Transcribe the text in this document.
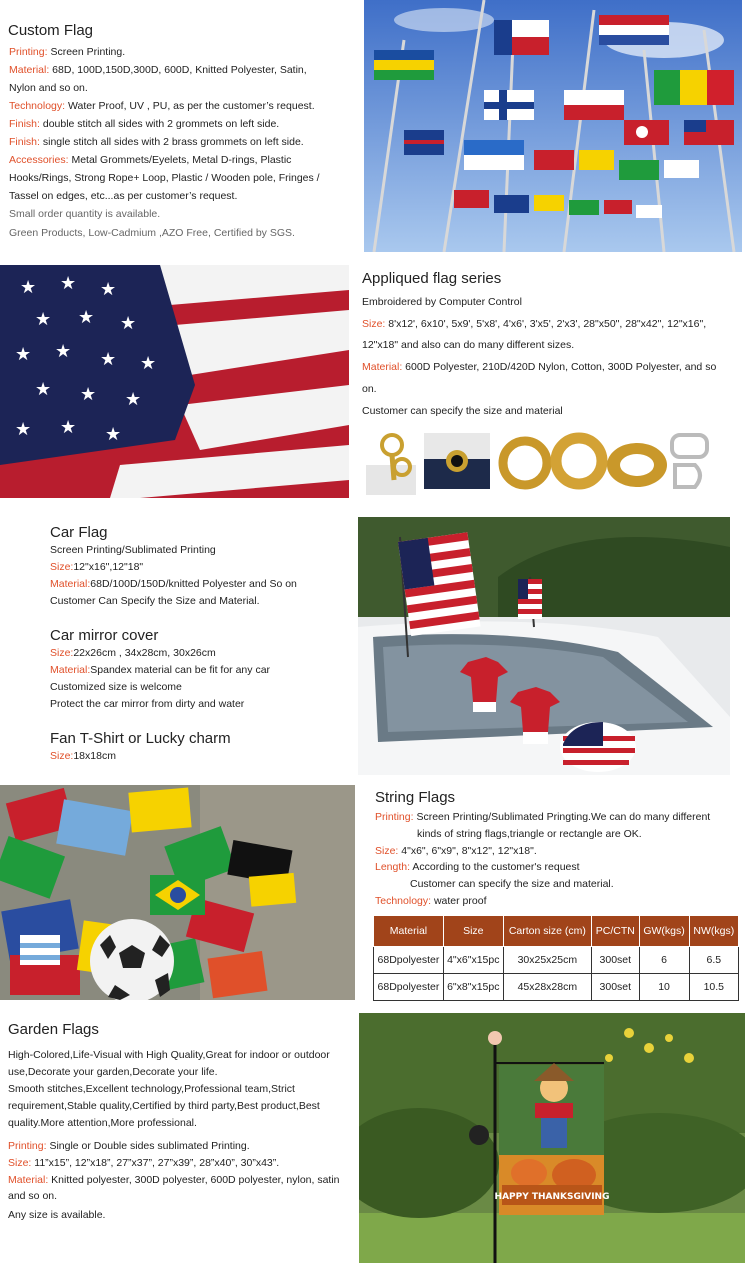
Custom Flag
Printing: Screen Printing.
Material: 68D, 100D,150D,300D, 600D, Knitted Polyester, Satin,
Nylon and so on.
Technology: Water Proof, UV , PU, as per the customer’s request.
Finish: double stitch all sides with 2 grommets on left side.
Finish: single stitch all sides with 2 brass grommets on left side.
Accessories: Metal Grommets/Eyelets, Metal D-rings, Plastic
Hooks/Rings, Strong Rope+ Loop, Plastic / Wooden pole, Fringes /
Tassel on edges, etc...as per customer’s request.
Small order quantity is available.
Green Products, Low-Cadmium ,AZO Free, Certified by SGS.
★ ★ ★
★ ★ ★
★ ★ ★ ★
★ ★ ★
★ ★ ★
Appliqued flag series
Embroidered by Computer Control
Size: 8'x12', 6x10', 5x9', 5'x8', 4'x6', 3'x5', 2'x3', 28"x50", 28"x42", 12"x16",
12"x18" and also can do many different sizes.
Material: 600D Polyester, 210D/420D Nylon, Cotton, 300D Polyester, and so
on.
Customer can specify the size and material
Car Flag
Screen Printing/Sublimated Printing
Size:12"x16",12"18"
Material:68D/100D/150D/knitted Polyester and So on
Customer Can Specify the Size and Material.
Car mirror cover
Size:22x26cm , 34x28cm, 30x26cm
Material:Spandex material can be fit for any car
Customized size is welcome
Protect the car mirror from dirty and water
Fan T-Shirt or Lucky charm
Size:18x18cm
String Flags
Printing: Screen Printing/Sublimated Pringting.We can do many different
kinds of string flags,triangle or rectangle are OK.
Size: 4"x6", 6"x9", 8"x12", 12"x18".
Length: According to the customer's request
Customer can specify the size and material.
Technology: water proof
Material	Size	Carton size (cm)	PC/CTN	GW(kgs)	NW(kgs)
68Dpolyester	4"x6"x15pc	30x25x25cm	300set	6	6.5
68Dpolyester	6"x8"x15pc	45x28x28cm	300set	10	10.5
Garden Flags
High-Colored,Life-Visual with High Quality,Great for indoor or outdoor
use,Decorate your garden,Decorate your life.
Smooth stitches,Excellent technology,Professional team,Strict
requirement,Stable quality,Certified by third party,Best product,Best
quality.More attention,More professional.
Printing: Single or Double sides sublimated Printing.
Size: 11”x15”, 12”x18”, 27”x37”, 27”x39”, 28”x40”, 30”x43”.
Material: Knitted polyester, 300D polyester, 600D polyester, nylon, satin
and so on.
Any size is available.
HAPPY THANKSGIVING
